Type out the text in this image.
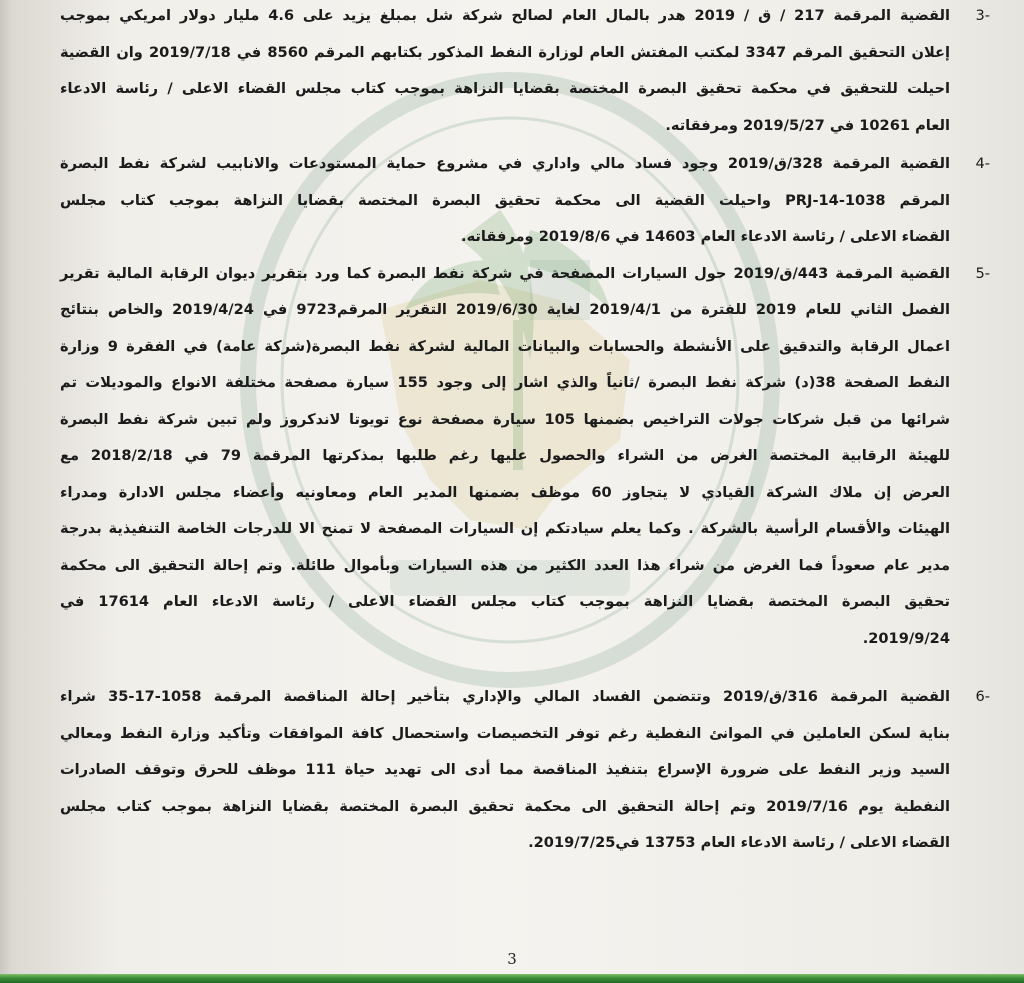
3-
القضية المرقمة 217 / ق / 2019 هدر بالمال العام لصالح شركة شل بمبلغ يزيد على 4.6 مليار دولار امريكي بموجب
إعلان التحقيق المرقم 3347 لمكتب المفتش العام لوزارة النفط المذكور بكتابهم المرقم 8560 في 2019/7/18 وان القضية
احيلت للتحقيق في محكمة تحقيق البصرة المختصة بقضايا النزاهة بموجب كتاب مجلس القضاء الاعلى / رئاسة الادعاء
العام 10261 في 2019/5/27 ومرفقاته.
4-
القضية المرقمة 328/ق/2019 وجود فساد مالي واداري في مشروع حماية المستودعات والانابيب لشركة نفط البصرة
المرقم PRJ-14-1038 واحيلت القضية الى محكمة تحقيق البصرة المختصة بقضايا النزاهة بموجب كتاب مجلس
القضاء الاعلى / رئاسة الادعاء العام 14603 في 2019/8/6 ومرفقاته.
5-
القضية المرقمة 443/ق/2019 حول السيارات المصفحة في شركة نفط البصرة كما ورد بتقرير ديوان الرقابة المالية تقرير
الفصل الثاني للعام 2019 للفترة من 2019/4/1 لغاية 2019/6/30 التقرير المرقم9723 في 2019/4/24 والخاص بنتائج
اعمال الرقابة والتدقيق على الأنشطة والحسابات والبيانات المالية لشركة نفط البصرة(شركة عامة) في الفقرة 9 وزارة
النفط الصفحة 38(د) شركة نفط البصرة /ثانياً والذي اشار إلى وجود 155 سيارة مصفحة مختلفة الانواع والموديلات تم
شرائها من قبل شركات جولات التراخيص بضمنها 105 سيارة مصفحة نوع تويوتا لاندكروز ولم تبين شركة نفط البصرة
للهيئة الرقابية المختصة الغرض من الشراء والحصول عليها رغم طلبها بمذكرتها المرقمة 79 في 2018/2/18 مع
العرض إن ملاك الشركة القيادي لا يتجاوز 60 موظف بضمنها المدير العام ومعاونيه وأعضاء مجلس الادارة ومدراء
الهيئات والأقسام الرأسية بالشركة . وكما يعلم سيادتكم إن السيارات المصفحة لا تمنح الا للدرجات الخاصة التنفيذية بدرجة
مدير عام صعوداً فما الغرض من شراء هذا العدد الكثير من هذه السيارات وبأموال طائلة. وتم إحالة التحقيق الى محكمة
تحقيق البصرة المختصة بقضايا النزاهة بموجب كتاب مجلس القضاء الاعلى / رئاسة الادعاء العام 17614 في
2019/9/24.
6-
القضية المرقمة 316/ق/2019 وتتضمن الفساد المالي والإداري بتأخير إحالة المناقصة المرقمة 1058-17-35 شراء
بناية لسكن العاملين في الموانئ النفطية رغم توفر التخصيصات واستحصال كافة الموافقات وتأكيد وزارة النفط ومعالي
السيد وزير النفط على ضرورة الإسراع بتنفيذ المناقصة مما أدى الى تهديد حياة 111 موظف للحرق وتوقف الصادرات
النفطية يوم 2019/7/16 وتم إحالة التحقيق الى محكمة تحقيق البصرة المختصة بقضايا النزاهة بموجب كتاب مجلس
القضاء الاعلى / رئاسة الادعاء العام 13753 في2019/7/25.
3
